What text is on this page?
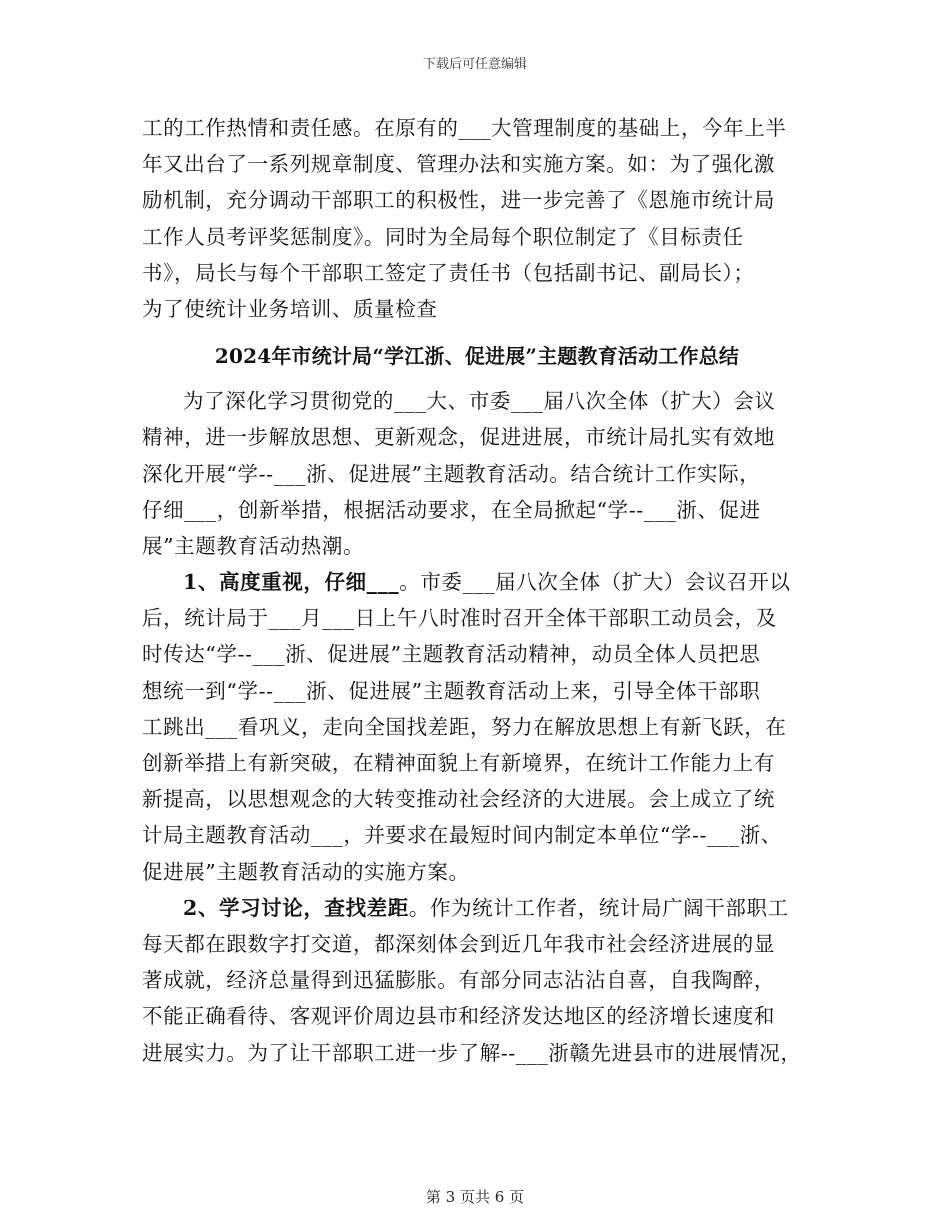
下载后可任意编辑
工的工作热情和责任感。在原有的___大管理制度的基础上，今年上半
年又出台了一系列规章制度、管理办法和实施方案。如：为了强化激
励机制，充分调动干部职工的积极性，进一步完善了《恩施市统计局
工作人员考评奖惩制度》。同时为全局每个职位制定了《目标责任
书》，局长与每个干部职工签定了责任书（包括副书记、副局长）；
为了使统计业务培训、质量检查
2024年市统计局“学江浙、促进展”主题教育活动工作总结
为了深化学习贯彻党的___大、市委___届八次全体（扩大）会议
精神，进一步解放思想、更新观念，促进进展，市统计局扎实有效地
深化开展“学--___浙、促进展”主题教育活动。结合统计工作实际，
仔细___，创新举措，根据活动要求，在全局掀起“学--___浙、促进
展”主题教育活动热潮。
1、高度重视，仔细___。市委___届八次全体（扩大）会议召开以
后，统计局于___月___日上午八时准时召开全体干部职工动员会，及
时传达“学--___浙、促进展”主题教育活动精神，动员全体人员把思
想统一到“学--___浙、促进展”主题教育活动上来，引导全体干部职
工跳出___看巩义，走向全国找差距，努力在解放思想上有新飞跃，在
创新举措上有新突破，在精神面貌上有新境界，在统计工作能力上有
新提高，以思想观念的大转变推动社会经济的大进展。会上成立了统
计局主题教育活动___，并要求在最短时间内制定本单位“学--___浙、
促进展”主题教育活动的实施方案。
2、学习讨论，查找差距。作为统计工作者，统计局广阔干部职工
每天都在跟数字打交道，都深刻体会到近几年我市社会经济进展的显
著成就，经济总量得到迅猛膨胀。有部分同志沾沾自喜，自我陶醉，
不能正确看待、客观评价周边县市和经济发达地区的经济增长速度和
进展实力。为了让干部职工进一步了解--___浙赣先进县市的进展情况，
第 3 页共 6 页
